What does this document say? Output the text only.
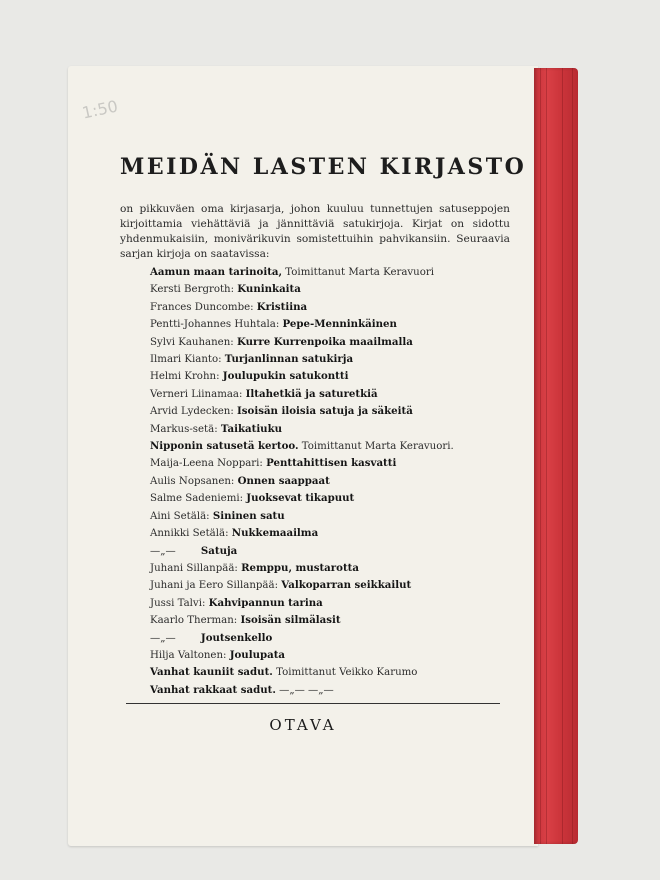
1:50
MEIDÄN LASTEN KIRJASTO
on pikkuväen oma kirjasarja, johon kuuluu tunnettujen satuseppojen kirjoittamia viehättäviä ja jännittäviä satukirjoja. Kirjat on sidottu yhdenmukaisiin, monivärikuvin somistettuihin pahvikansiin. Seuraavia sarjan kirjoja on saatavissa:
Aamun maan tarinoita, Toimittanut Marta Keravuori
Kersti Bergroth: Kuninkaita
Frances Duncombe: Kristiina
Pentti-Johannes Huhtala: Pepe-Menninkäinen
Sylvi Kauhanen: Kurre Kurrenpoika maailmalla
Ilmari Kianto: Turjanlinnan satukirja
Helmi Krohn: Joulupukin satukontti
Verneri Liinamaa: Iltahetkiä ja saturetkiä
Arvid Lydecken: Isoisän iloisia satuja ja säkeitä
Markus-setä: Taikatiuku
Nipponin satusetä kertoo. Toimittanut Marta Keravuori.
Maija-Leena Noppari: Penttahittisen kasvatti
Aulis Nopsanen: Onnen saappaat
Salme Sadeniemi: Juoksevat tikapuut
Aini Setälä: Sininen satu
Annikki Setälä: Nukkemaailma
—„— Satuja
Juhani Sillanpää: Remppu, mustarotta
Juhani ja Eero Sillanpää: Valkoparran seikkailut
Jussi Talvi: Kahvipannun tarina
Kaarlo Therman: Isoisän silmälasit
—„— Joutsenkello
Hilja Valtonen: Joulupata
Vanhat kauniit sadut. Toimittanut Veikko Karumo
Vanhat rakkaat sadut. —„— —„—
OTAVA
